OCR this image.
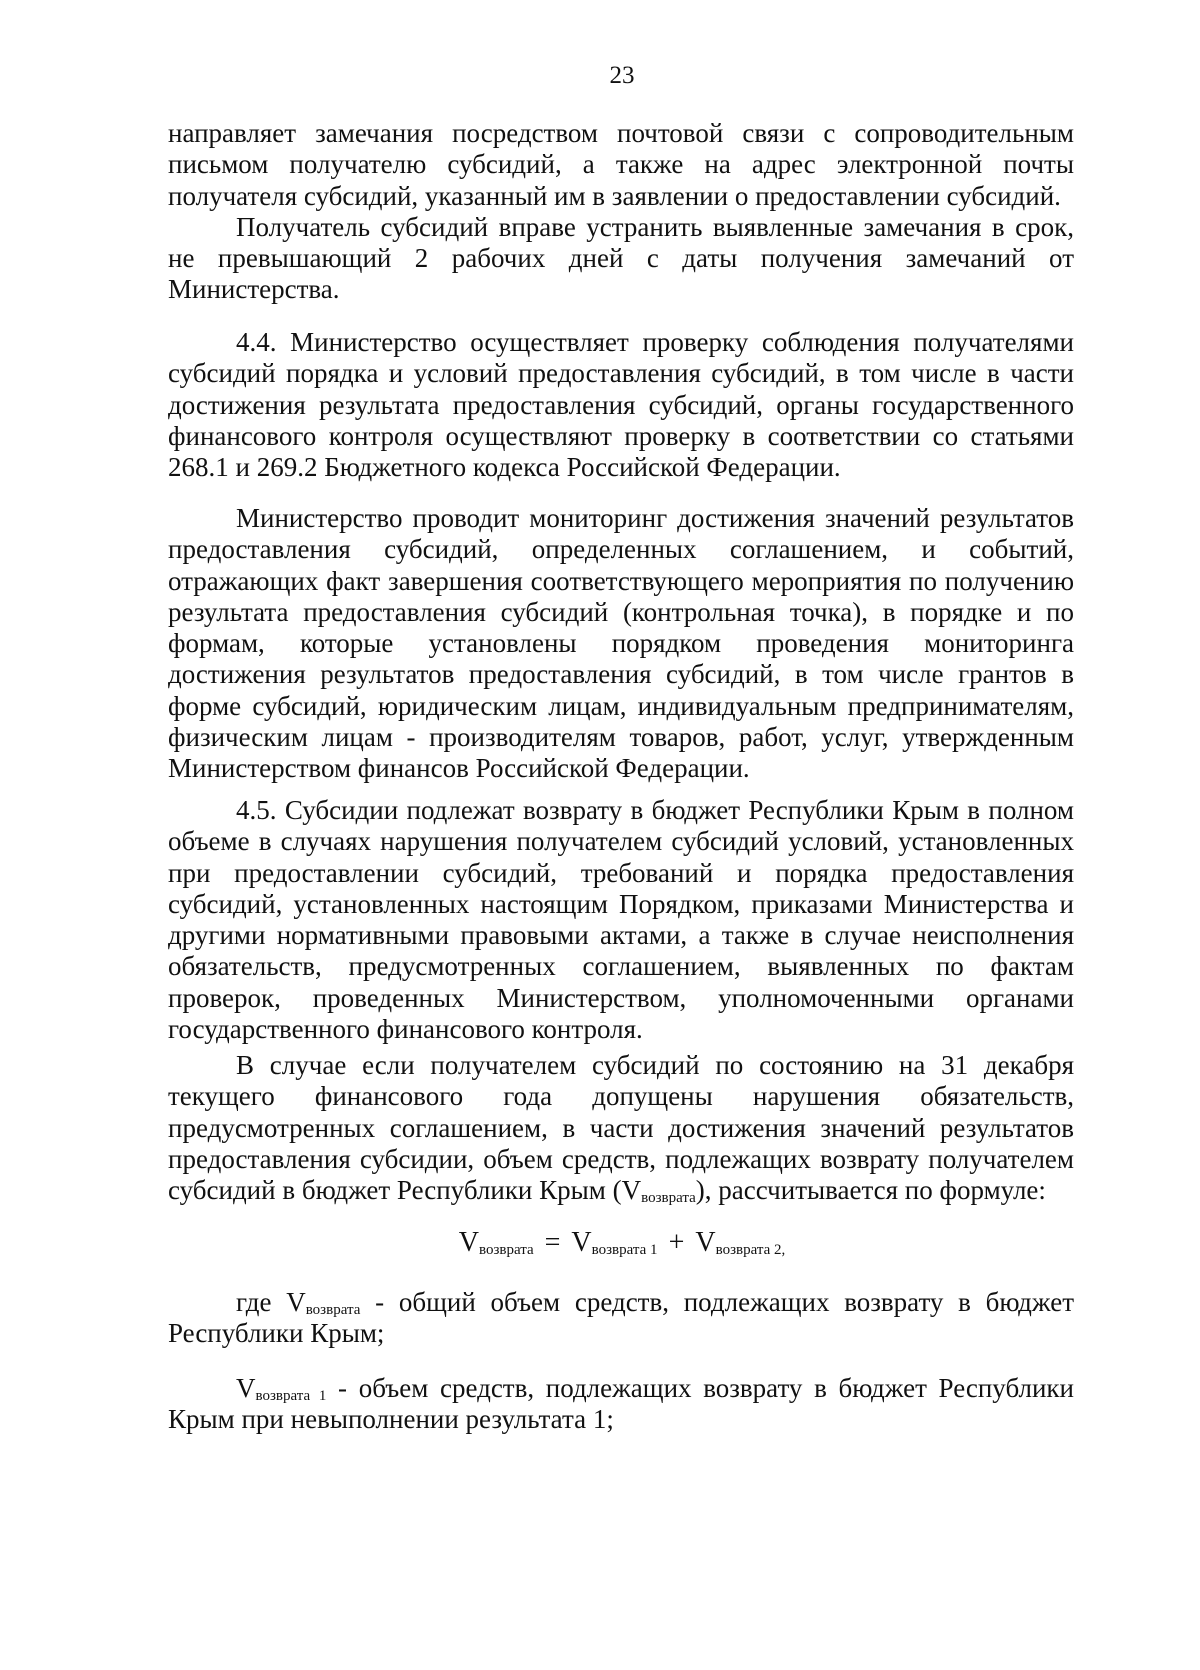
23

направляет замечания посредством почтовой связи с сопроводительным письмом получателю субсидий, а также на адрес электронной почты получателя субсидий, указанный им в заявлении о предоставлении субсидий.

Получатель субсидий вправе устранить выявленные замечания в срок, не превышающий 2 рабочих дней с даты получения замечаний от Министерства.

4.4. Министерство осуществляет проверку соблюдения получателями субсидий порядка и условий предоставления субсидий, в том числе в части достижения результата предоставления субсидий, органы государственного финансового контроля осуществляют проверку в соответствии со статьями 268.1 и 269.2 Бюджетного кодекса Российской Федерации.

Министерство проводит мониторинг достижения значений результатов предоставления субсидий, определенных соглашением, и событий, отражающих факт завершения соответствующего мероприятия по получению результата предоставления субсидий (контрольная точка), в порядке и по формам, которые установлены порядком проведения мониторинга достижения результатов предоставления субсидий, в том числе грантов в форме субсидий, юридическим лицам, индивидуальным предпринимателям, физическим лицам - производителям товаров, работ, услуг, утвержденным Министерством финансов Российской Федерации.

4.5. Субсидии подлежат возврату в бюджет Республики Крым в полном объеме в случаях нарушения получателем субсидий условий, установленных при предоставлении субсидий, требований и порядка предоставления субсидий, установленных настоящим Порядком, приказами Министерства и другими нормативными правовыми актами, а также в случае неисполнения обязательств, предусмотренных соглашением, выявленных по фактам проверок, проведенных Министерством, уполномоченными органами государственного финансового контроля.

В случае если получателем субсидий по состоянию на 31 декабря текущего финансового года допущены нарушения обязательств, предусмотренных соглашением, в части достижения значений результатов предоставления субсидии, объем средств, подлежащих возврату получателем субсидий в бюджет Республики Крым $(V_{возврата})$, рассчитывается по формуле:

$V_{возврата} = V_{возврата 1} + V_{возврата 2,}$

где $V_{возврата}$ - общий объем средств, подлежащих возврату в бюджет Республики Крым;

$V_{возврата 1}$ - объем средств, подлежащих возврату в бюджет Республики Крым при невыполнении результата 1;
